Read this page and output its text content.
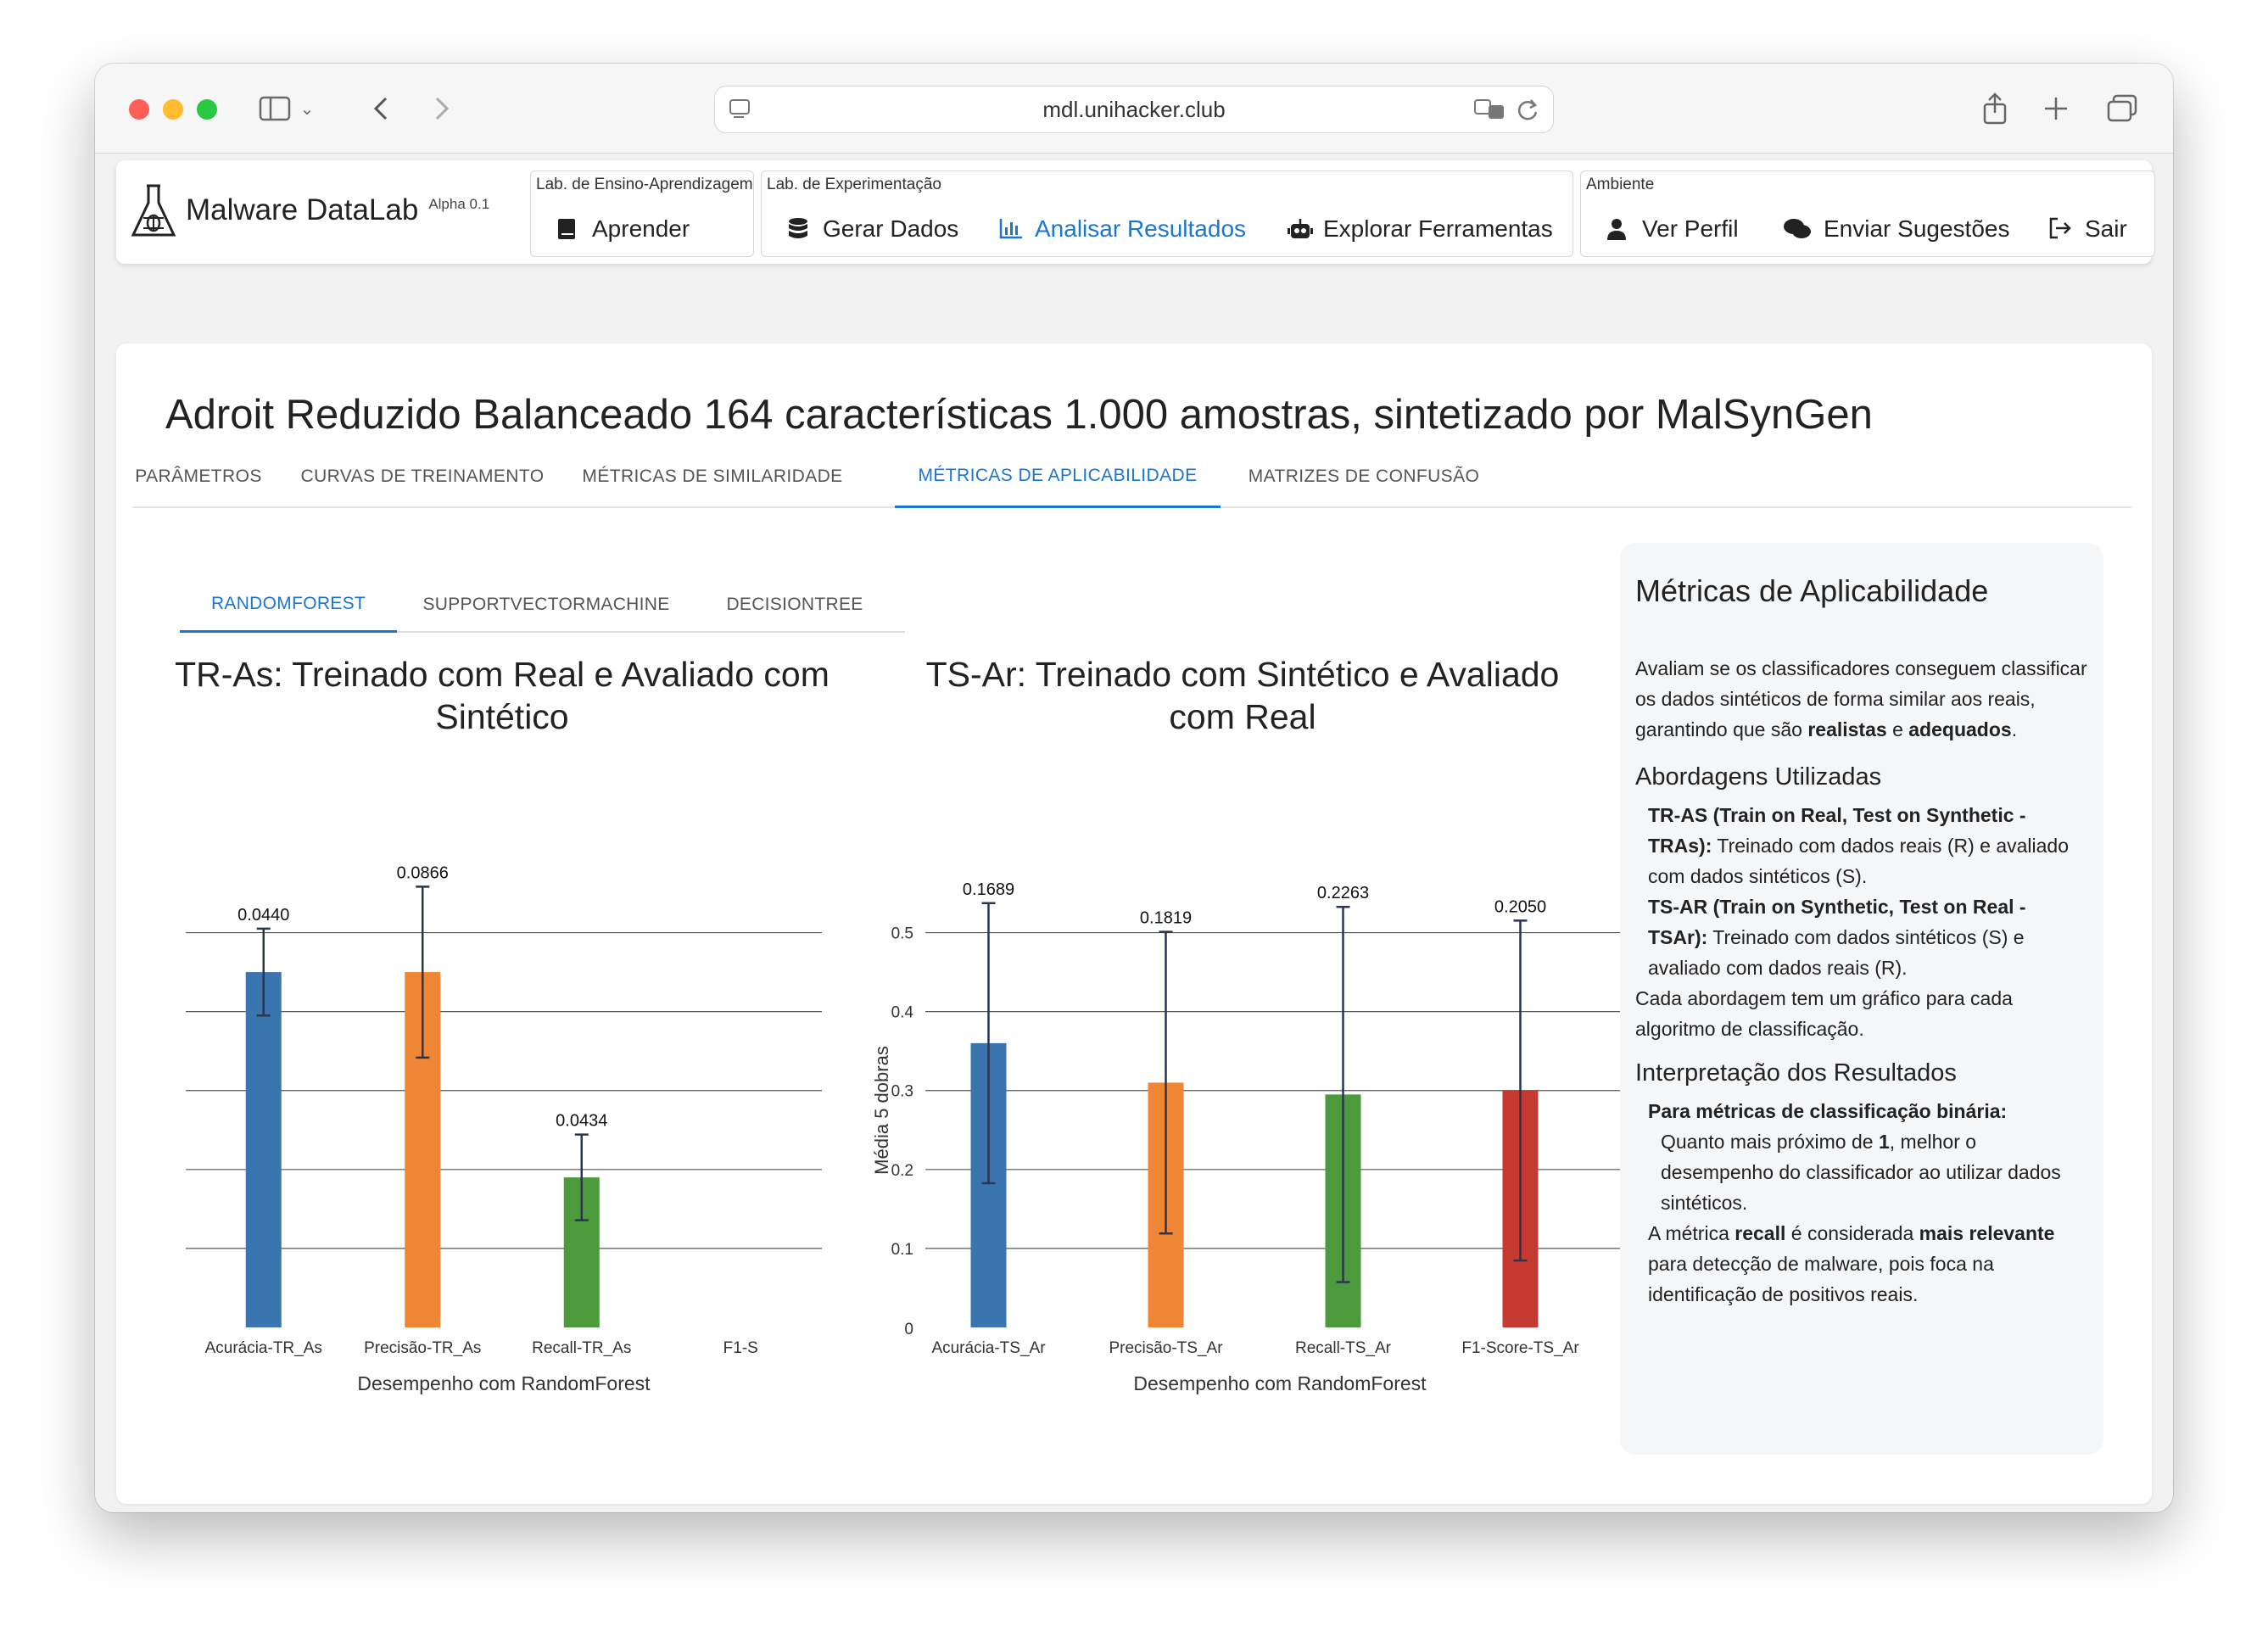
⌄	mdl.unihacker.club
Malware DataLab Alpha 0.1
Lab. de Ensino-Aprendizagem
Aprender
Lab. de Experimentação
Gerar Dados	Analisar Resultados	Explorar Ferramentas
Ambiente
Ver Perfil	Enviar Sugestões	Sair
Adroit Reduzido Balanceado 164 características 1.000 amostras, sintetizado por MalSynGen
PARÂMETROS	CURVAS DE TREINAMENTO	MÉTRICAS DE SIMILARIDADE	MÉTRICAS DE APLICABILIDADE	MATRIZES DE CONFUSÃO
RANDOMFOREST	SUPPORTVECTORMACHINE	DECISIONTREE
TR-As: Treinado com Real e Avaliado com Sintético
0.0440
Acurácia-TR_As
0.0866
Precisão-TR_As
0.0434
Recall-TR_As	F1-S
Desempenho com RandomForest
TS-Ar: Treinado com Sintético e Avaliado com Real
0
0.1
0.2
0.3
0.4
0.5
0.1689
Acurácia-TS_Ar
0.1819
Precisão-TS_Ar
0.2263
Recall-TS_Ar
0.2050
F1-Score-TS_Ar
Desempenho com RandomForest
Média 5 dobras
Métricas de Aplicabilidade

Avaliam se os classificadores conseguem classificar os dados sintéticos de forma similar aos reais, garantindo que são realistas e adequados.

Abordagens Utilizadas

TR-AS (Train on Real, Test on Synthetic - TRAs): Treinado com dados reais (R) e avaliado com dados sintéticos (S).

TS-AR (Train on Synthetic, Test on Real - TSAr): Treinado com dados sintéticos (S) e avaliado com dados reais (R).

Cada abordagem tem um gráfico para cada algoritmo de classificação.

Interpretação dos Resultados

Para métricas de classificação binária:

Quanto mais próximo de 1, melhor o desempenho do classificador ao utilizar dados sintéticos.

A métrica recall é considerada mais relevante para detecção de malware, pois foca na identificação de positivos reais.
